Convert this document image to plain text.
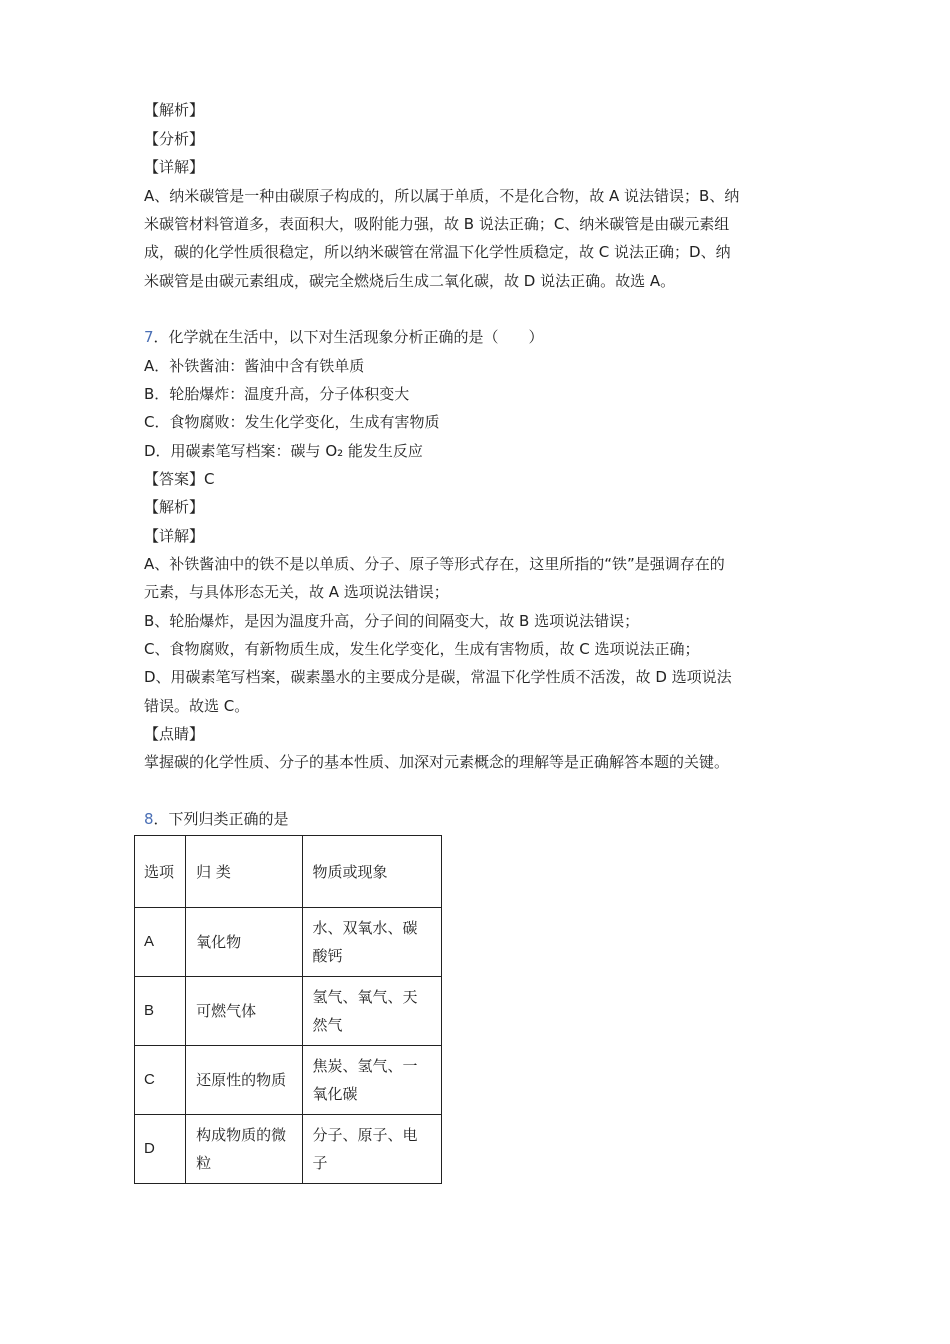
【解析】
【分析】
【详解】
A、纳米碳管是一种由碳原子构成的，所以属于单质，不是化合物，故 A 说法错误；B、纳
米碳管材料管道多，表面积大，吸附能力强，故 B 说法正确；C、纳米碳管是由碳元素组
成，碳的化学性质很稳定，所以纳米碳管在常温下化学性质稳定，故 C 说法正确；D、纳
米碳管是由碳元素组成，碳完全燃烧后生成二氧化碳，故 D 说法正确。故选 A。
7．化学就在生活中，以下对生活现象分析正确的是（　　）
A．补铁酱油：酱油中含有铁单质
B．轮胎爆炸：温度升高，分子体积变大
C．食物腐败：发生化学变化，生成有害物质
D．用碳素笔写档案：碳与 O₂ 能发生反应
【答案】C
【解析】
【详解】
A、补铁酱油中的铁不是以单质、分子、原子等形式存在，这里所指的“铁”是强调存在的
元素，与具体形态无关，故 A 选项说法错误；
B、轮胎爆炸，是因为温度升高，分子间的间隔变大，故 B 选项说法错误；
C、食物腐败，有新物质生成，发生化学变化，生成有害物质，故 C 选项说法正确；
D、用碳素笔写档案，碳素墨水的主要成分是碳，常温下化学性质不活泼，故 D 选项说法
错误。故选 C。
【点睛】
掌握碳的化学性质、分子的基本性质、加深对元素概念的理解等是正确解答本题的关键。
8．下列归类正确的是
选项	归 类	物质或现象
A	氧化物	水、双氧水、碳酸钙
B	可燃气体	氢气、氧气、天然气
C	还原性的物质	焦炭、氢气、一氧化碳
D	构成物质的微粒	分子、原子、电子
